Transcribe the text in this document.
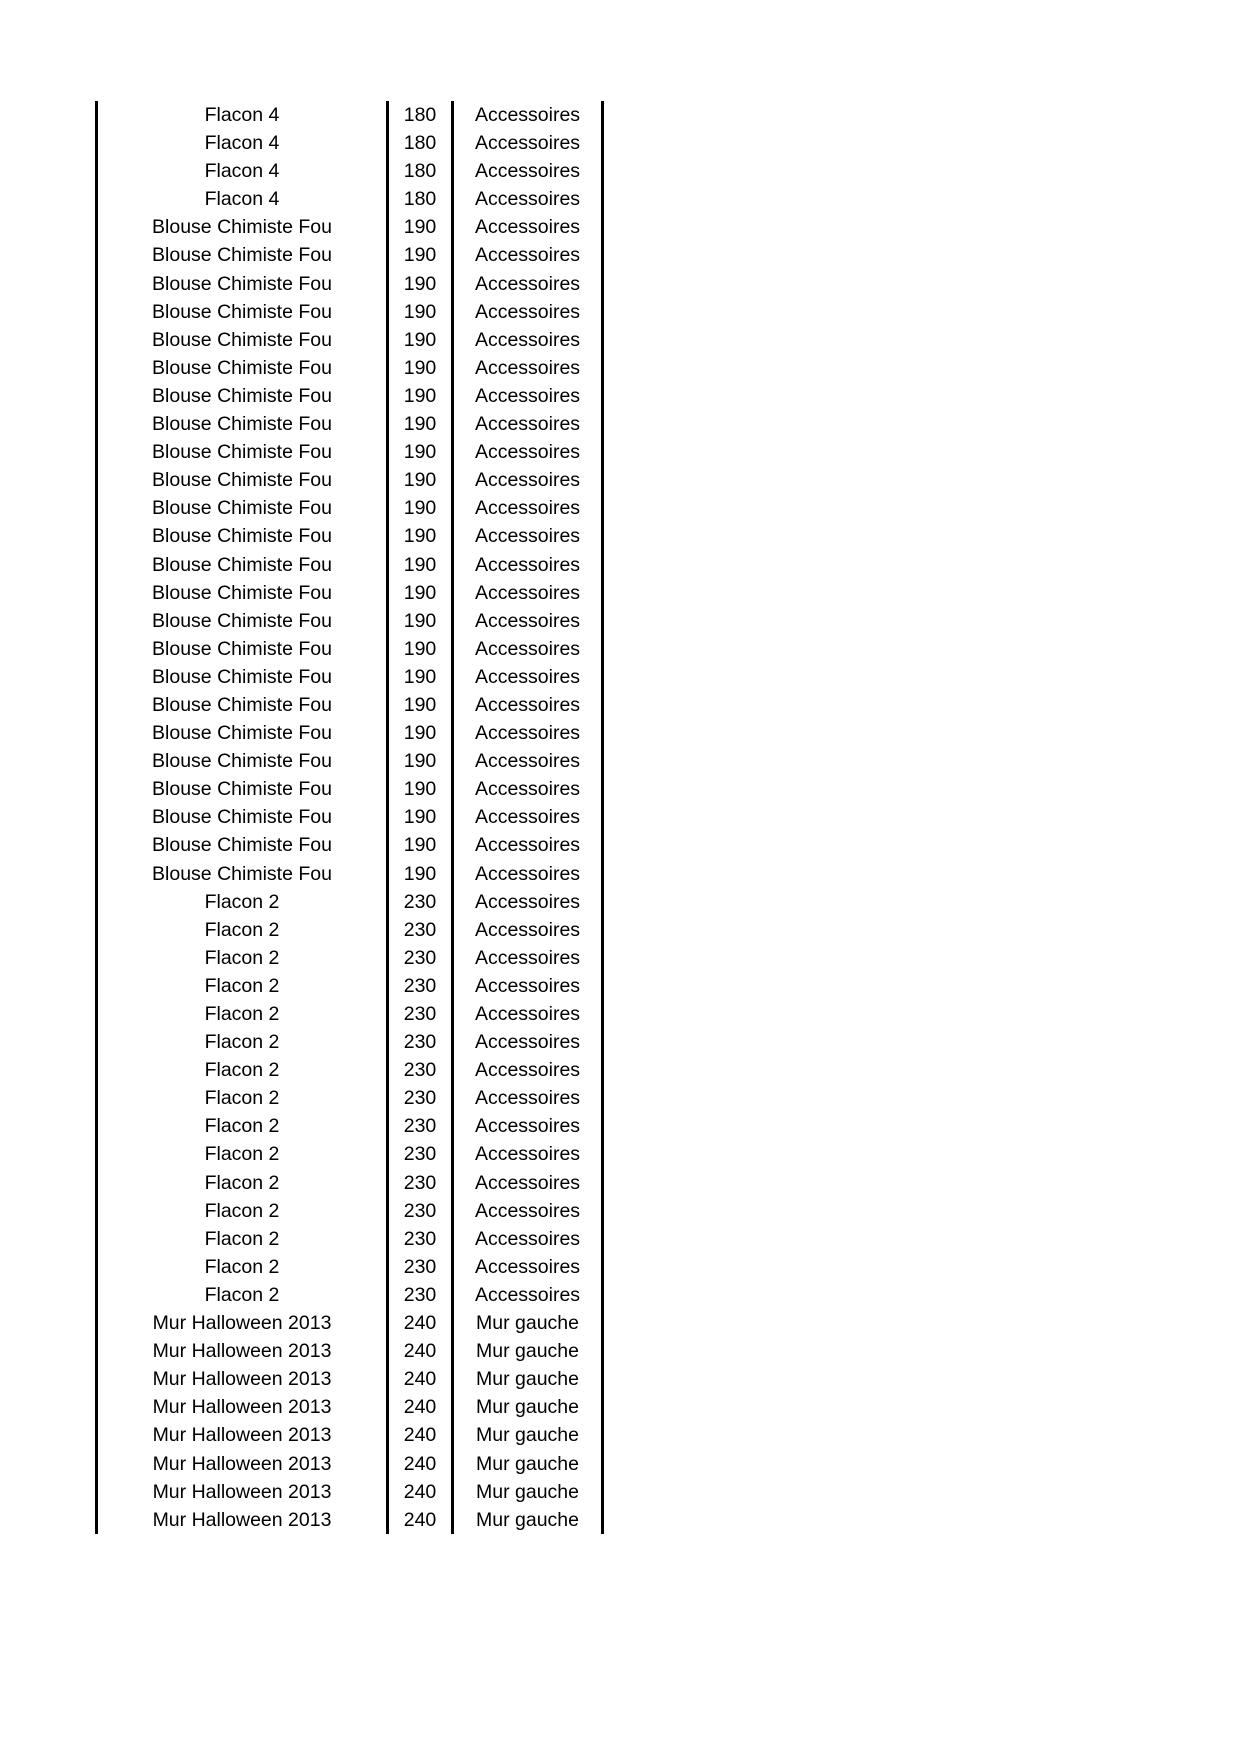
Flacon 4	180	Accessoires
Flacon 4	180	Accessoires
Flacon 4	180	Accessoires
Flacon 4	180	Accessoires
Blouse Chimiste Fou	190	Accessoires
Blouse Chimiste Fou	190	Accessoires
Blouse Chimiste Fou	190	Accessoires
Blouse Chimiste Fou	190	Accessoires
Blouse Chimiste Fou	190	Accessoires
Blouse Chimiste Fou	190	Accessoires
Blouse Chimiste Fou	190	Accessoires
Blouse Chimiste Fou	190	Accessoires
Blouse Chimiste Fou	190	Accessoires
Blouse Chimiste Fou	190	Accessoires
Blouse Chimiste Fou	190	Accessoires
Blouse Chimiste Fou	190	Accessoires
Blouse Chimiste Fou	190	Accessoires
Blouse Chimiste Fou	190	Accessoires
Blouse Chimiste Fou	190	Accessoires
Blouse Chimiste Fou	190	Accessoires
Blouse Chimiste Fou	190	Accessoires
Blouse Chimiste Fou	190	Accessoires
Blouse Chimiste Fou	190	Accessoires
Blouse Chimiste Fou	190	Accessoires
Blouse Chimiste Fou	190	Accessoires
Blouse Chimiste Fou	190	Accessoires
Blouse Chimiste Fou	190	Accessoires
Blouse Chimiste Fou	190	Accessoires
Flacon 2	230	Accessoires
Flacon 2	230	Accessoires
Flacon 2	230	Accessoires
Flacon 2	230	Accessoires
Flacon 2	230	Accessoires
Flacon 2	230	Accessoires
Flacon 2	230	Accessoires
Flacon 2	230	Accessoires
Flacon 2	230	Accessoires
Flacon 2	230	Accessoires
Flacon 2	230	Accessoires
Flacon 2	230	Accessoires
Flacon 2	230	Accessoires
Flacon 2	230	Accessoires
Flacon 2	230	Accessoires
Mur Halloween 2013	240	Mur gauche
Mur Halloween 2013	240	Mur gauche
Mur Halloween 2013	240	Mur gauche
Mur Halloween 2013	240	Mur gauche
Mur Halloween 2013	240	Mur gauche
Mur Halloween 2013	240	Mur gauche
Mur Halloween 2013	240	Mur gauche
Mur Halloween 2013	240	Mur gauche
